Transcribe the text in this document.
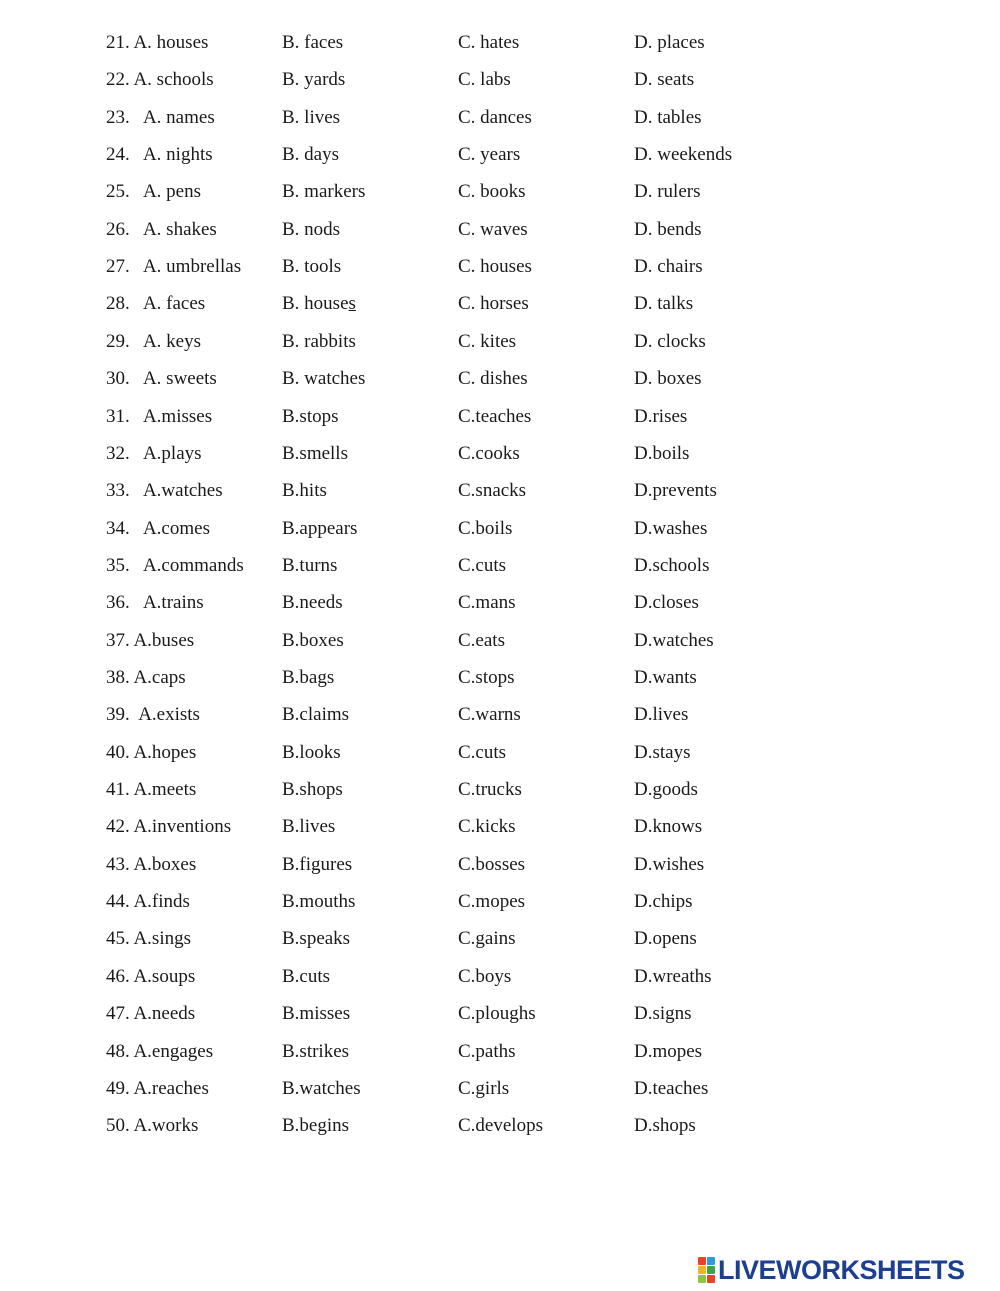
21. A. houses	B. faces	C. hates	D. places
22. A. schools	B. yards	C. labs	D. seats
23.   A. names	B. lives	C. dances	D. tables
24.   A. nights	B. days	C. years	D. weekends
25.   A. pens	B. markers	C. books	D. rulers
26.   A. shakes	B. nods	C. waves	D. bends
27.   A. umbrellas B. tools	C. houses	D. chairs
28.   A. faces	B. houses	C. horses	D. talks
29.   A. keys	B. rabbits	C. kites	D. clocks
30.   A. sweets	B. watches	C. dishes	D. boxes
31.   A.misses	B.stops	C.teaches	D.rises
32.   A.plays	B.smells	C.cooks	D.boils
33.   A.watches	B.hits	C.snacks	D.prevents
34.   A.comes	B.appears	C.boils	D.washes
35.   A.commands B.turns	C.cuts	D.schools
36.   A.trains	B.needs	C.mans	D.closes
37. A.buses	B.boxes	C.eats	D.watches
38. A.caps	B.bags	C.stops	D.wants
39.  A.exists	B.claims	C.warns	D.lives
40. A.hopes	B.looks	C.cuts	D.stays
41. A.meets	B.shops	C.trucks	D.goods
42. A.inventions	B.lives	C.kicks	D.knows
43. A.boxes	B.figures	C.bosses	D.wishes
44. A.finds	B.mouths	C.mopes	D.chips
45. A.sings	B.speaks	C.gains	D.opens
46. A.soups	B.cuts	C.boys	D.wreaths
47. A.needs	B.misses	C.ploughs	D.signs
48. A.engages	B.strikes	C.paths	D.mopes
49. A.reaches	B.watches	C.girls	D.teaches
50. A.works	B.begins	C.develops	D.shops
LIVEWORKSHEETS
